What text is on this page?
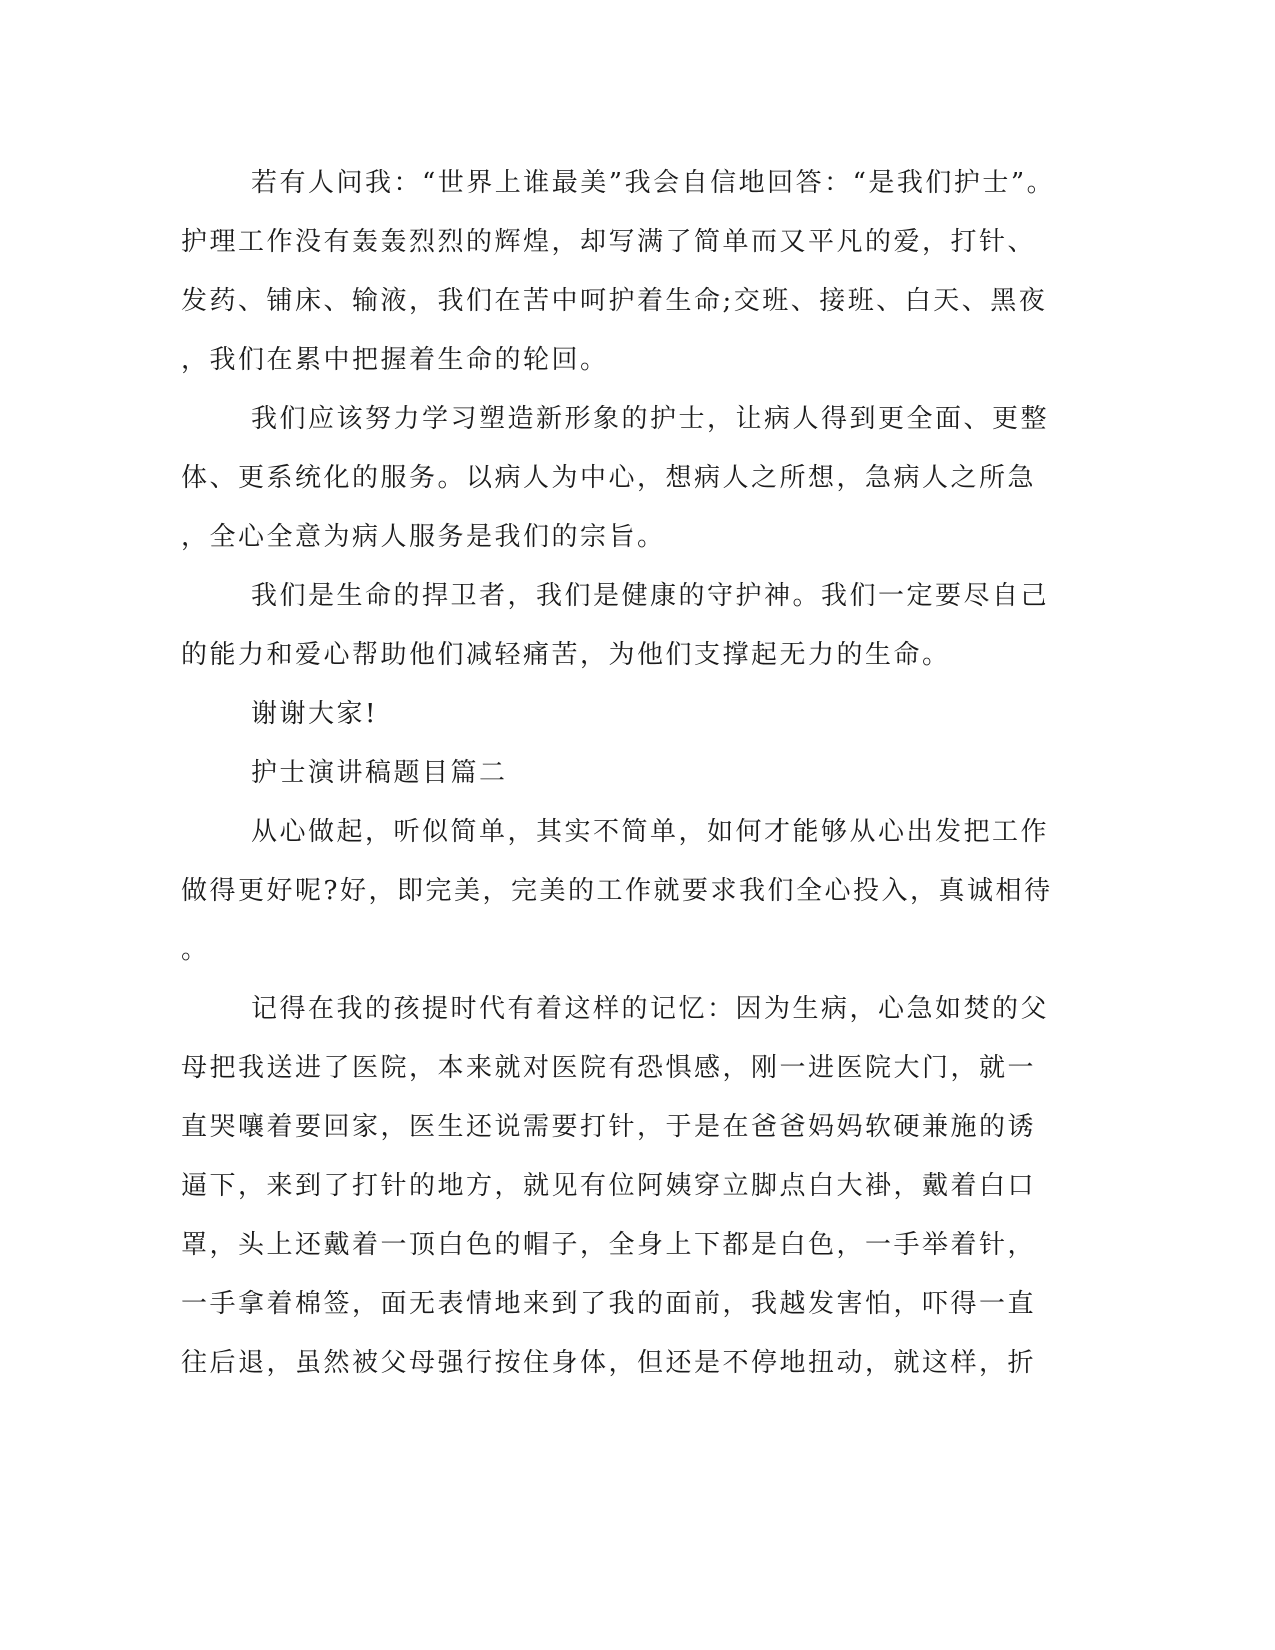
若有人问我：“世界上谁最美”我会自信地回答：“是我们护士”。
护理工作没有轰轰烈烈的辉煌，却写满了简单而又平凡的爱，打针、
发药、铺床、输液，我们在苦中呵护着生命;交班、接班、白天、黑夜
，我们在累中把握着生命的轮回。
我们应该努力学习塑造新形象的护士，让病人得到更全面、更整
体、更系统化的服务。以病人为中心，想病人之所想，急病人之所急
，全心全意为病人服务是我们的宗旨。
我们是生命的捍卫者，我们是健康的守护神。我们一定要尽自己
的能力和爱心帮助他们减轻痛苦，为他们支撑起无力的生命。
谢谢大家!
护士演讲稿题目篇二
从心做起，听似简单，其实不简单，如何才能够从心出发把工作
做得更好呢?好，即完美，完美的工作就要求我们全心投入，真诚相待
。
记得在我的孩提时代有着这样的记忆：因为生病，心急如焚的父
母把我送进了医院，本来就对医院有恐惧感，刚一进医院大门，就一
直哭嚷着要回家，医生还说需要打针，于是在爸爸妈妈软硬兼施的诱
逼下，来到了打针的地方，就见有位阿姨穿立脚点白大褂，戴着白口
罩，头上还戴着一顶白色的帽子，全身上下都是白色，一手举着针，
一手拿着棉签，面无表情地来到了我的面前，我越发害怕，吓得一直
往后退，虽然被父母强行按住身体，但还是不停地扭动，就这样，折
